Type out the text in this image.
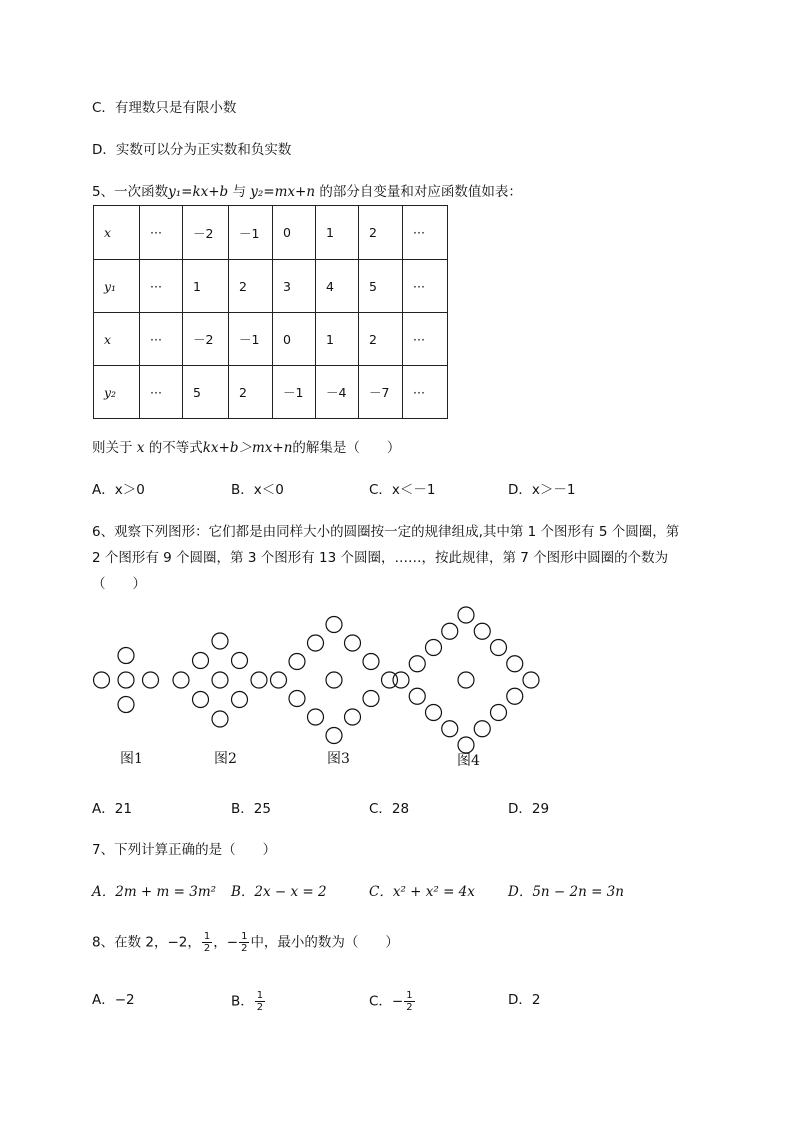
C．有理数只是有限小数
D．实数可以分为正实数和负实数
5、一次函数y₁=kx+b 与 y₂=mx+n 的部分自变量和对应函数值如表：
x	···	－2	－1	0	1	2	···
y₁	···	1	2	3	4	5	···
x	···	－2	－1	0	1	2	···
y₂	···	5	2	－1	－4	－7	···
则关于 x 的不等式kx+b＞mx+n的解集是（　　）
A．x＞0	B．x＜0	C．x＜－1	D．x＞－1
6、观察下列图形：它们都是由同样大小的圆圈按一定的规律组成,其中第 1 个图形有 5 个圆圈，第
2 个图形有 9 个圆圈，第 3 个图形有 13 个圆圈，……，按此规律，第 7 个图形中圆圈的个数为
（　　）
图1	图2	图3	图4
A．21	B．25	C．28	D．29
7、下列计算正确的是（　　）
A．2m + m = 3m² B．2x − x = 2	C．x² + x² = 4x D．5n − 2n = 3n
8、在数 2，−2， $\frac{1}{2}$ ，− $\frac{1}{2}$ 中，最小的数为（　　）
A．−2	B． $\frac{1}{2}$	C．− $\frac{1}{2}$	D．2
